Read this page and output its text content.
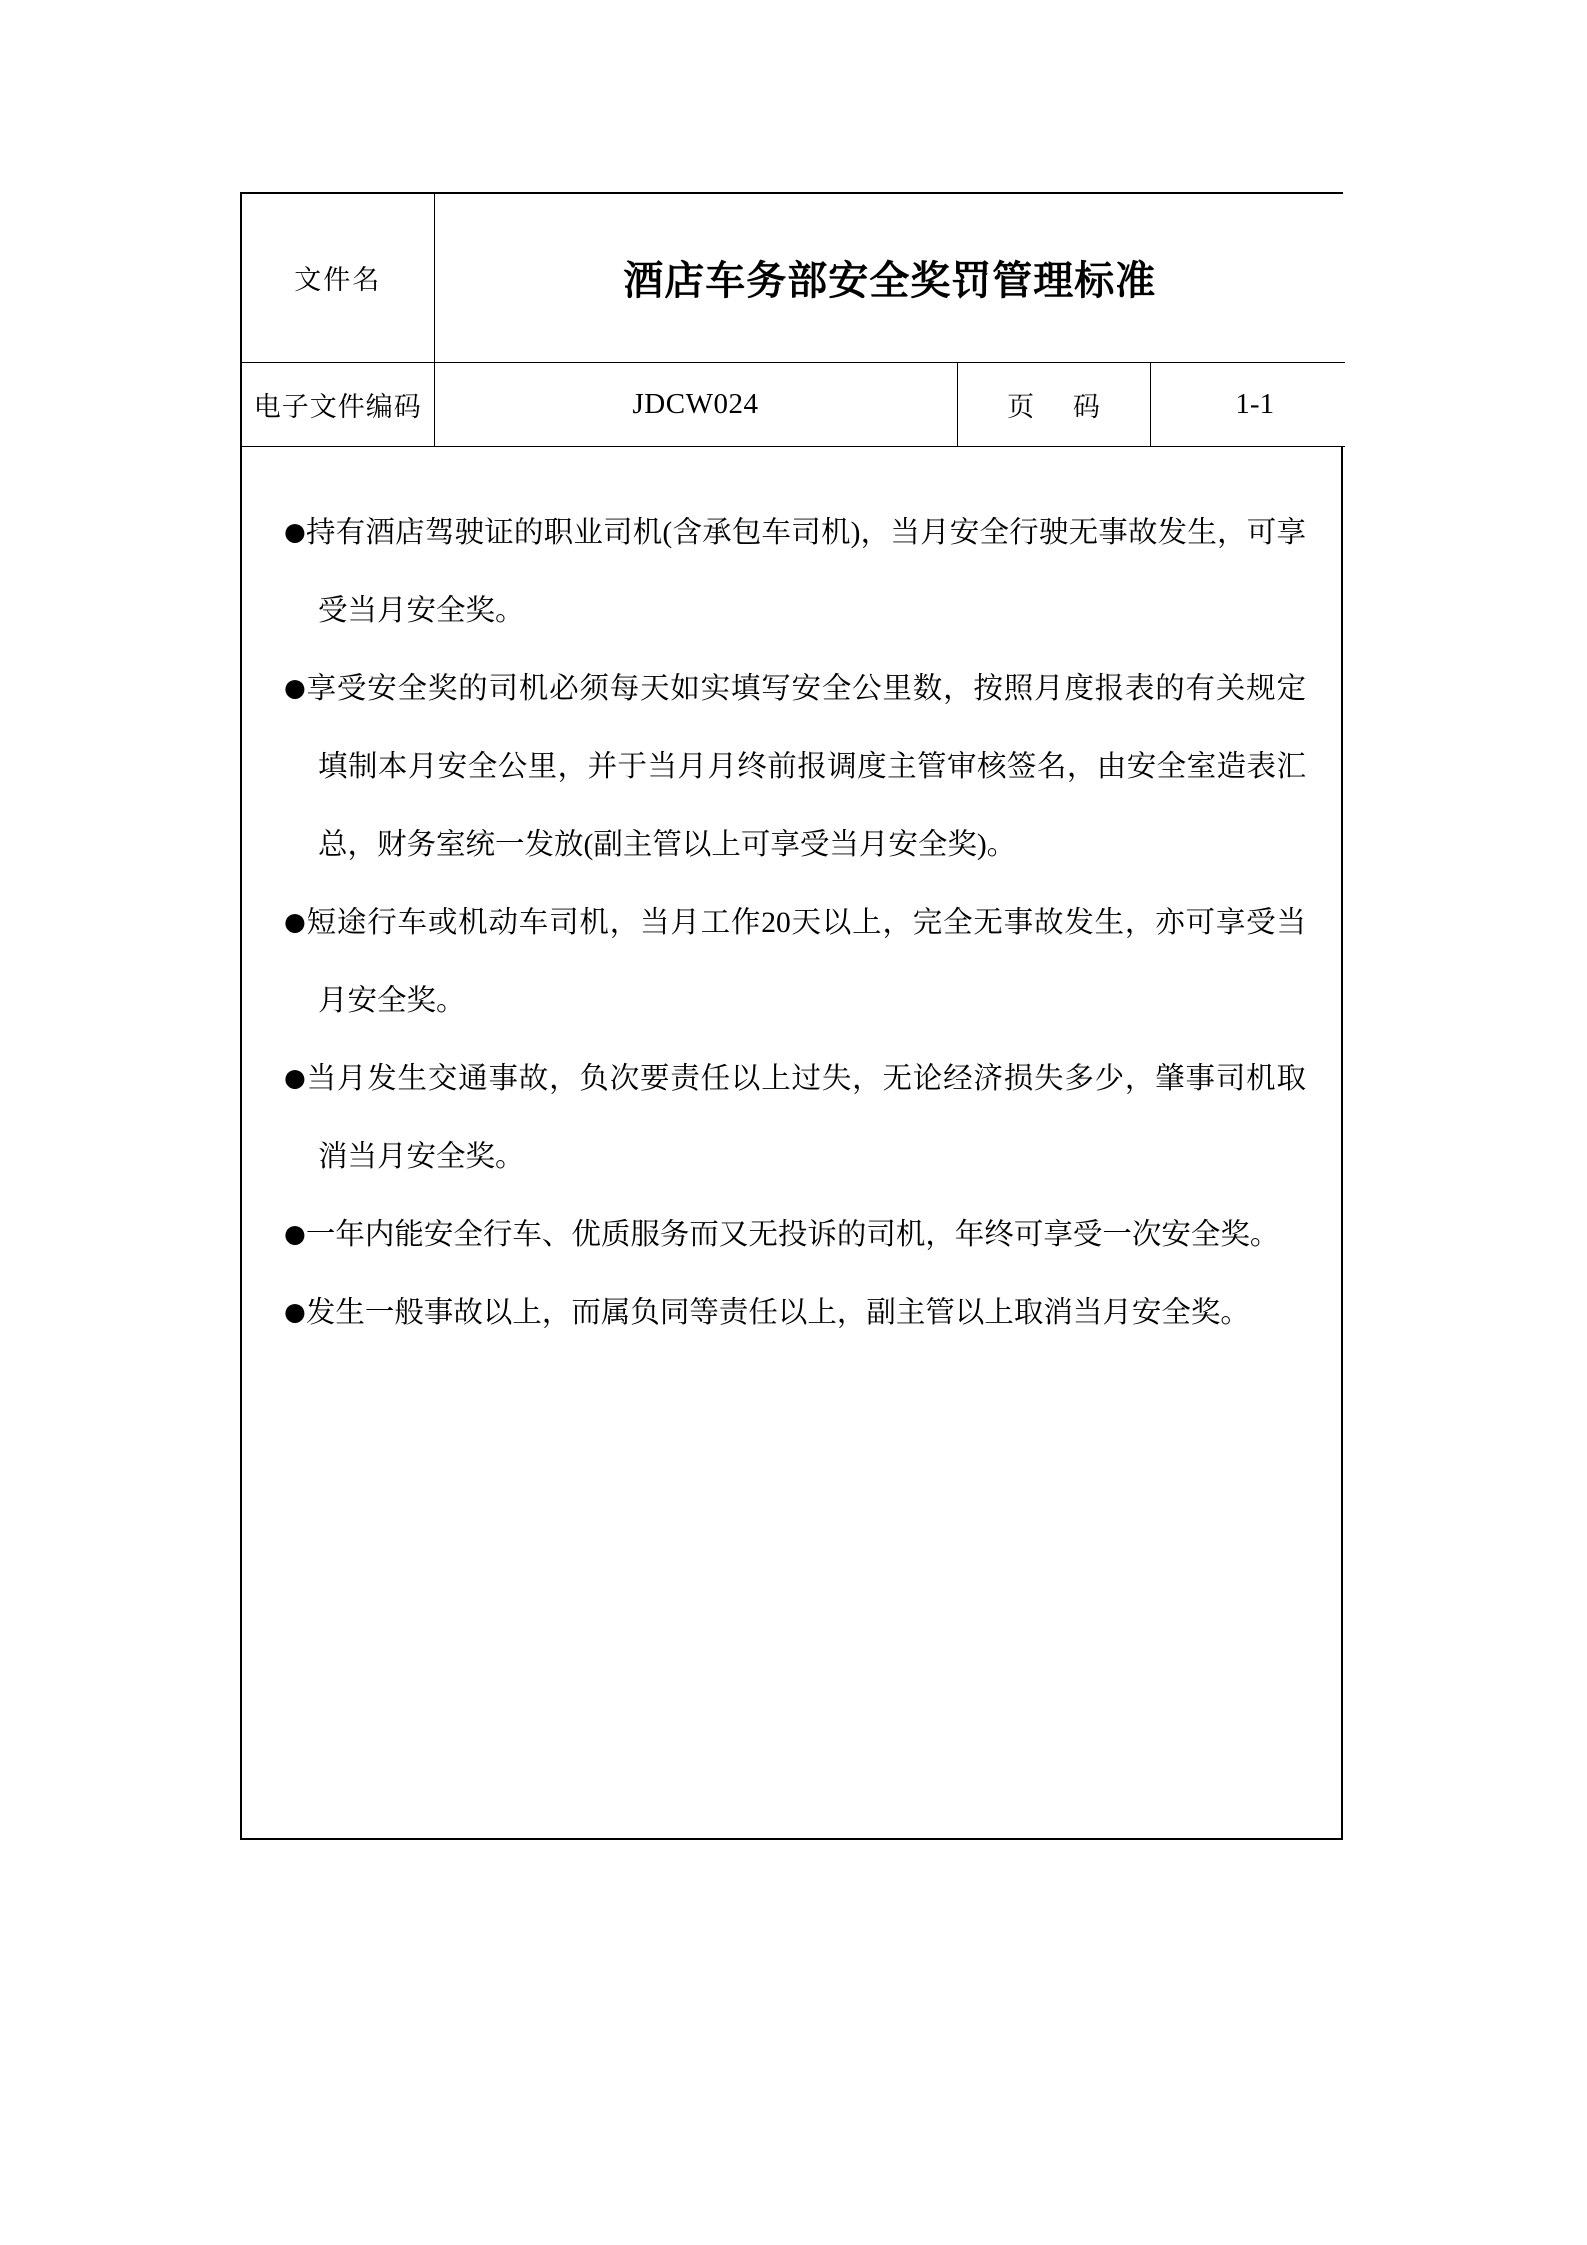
文件名	酒店车务部安全奖罚管理标准		
电子文件编码	JDCW024	页 码	1-1

●持有酒店驾驶证的职业司机(含承包车司机)，当月安全行驶无事故发生，可享受当月安全奖。

●享受安全奖的司机必须每天如实填写安全公里数，按照月度报表的有关规定填制本月安全公里，并于当月月终前报调度主管审核签名，由安全室造表汇总，财务室统一发放(副主管以上可享受当月安全奖)。

●短途行车或机动车司机，当月工作20天以上，完全无事故发生，亦可享受当月安全奖。

●当月发生交通事故，负次要责任以上过失，无论经济损失多少，肇事司机取消当月安全奖。

●一年内能安全行车、优质服务而又无投诉的司机，年终可享受一次安全奖。

●发生一般事故以上，而属负同等责任以上，副主管以上取消当月安全奖。
